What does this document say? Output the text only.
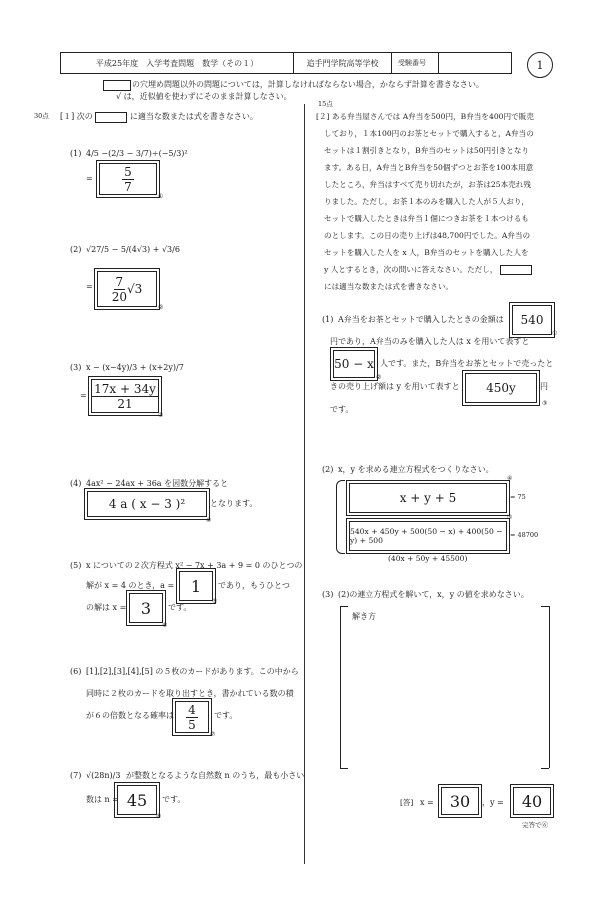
平成25年度　入学考査問題　数学（その１）	追手門学院高等学校	受験番号		1
の穴埋め問題以外の問題については，計算しなければならない場合，かならず計算を書きなさい。
√ は，近似値を使わずにそのまま計算しなさい。
30点 [１] 次の	に適当な数または式を書きなさい。
(1) 4/5 −(2/3 − 3/7)÷(−5/3)²
= $\frac{5}{7}$
①
(2) √27/5 − 5/(4√3) + √3/6
= $\frac{7}{20} √3$
②
(3) x − (x−4y)/3 + (x+2y)/7
= $\frac{17x + 34y}{21}$
③
(4) 4ax² − 24ax + 36a を因数分解すると
4 a ( x − 3 )²	となります。
④
(5) x についての２次方程式 x² − 7x + 3a + 9 = 0 のひとつの
解が x = 4 のとき，a =	1	であり，もうひとつ
⑤
の解は x = 3	です。
⑥
(6) [1],[2],[3],[4],[5] の５枚のカードがあります。この中から
同時に２枚のカードを取り出すとき，書かれている数の積
が６の倍数となる確率は $\frac{4}{5}$ です。
⑦
(7) √(28n)/3 が整数となるような自然数 n のうち，最も小さい
数は n = 45	です。
⑧
15点
[２] ある弁当屋さんでは A弁当を500円，B弁当を400円で販売
しており，１本100円のお茶とセットで購入すると，A弁当の
セットは１割引きとなり，B弁当のセットは50円引きとなり
ます。ある日，A弁当とB弁当を50個ずつとお茶を100本用意
したところ，弁当はすべて売り切れたが，お茶は25本売れ残
りました。ただし，お茶１本のみを購入した人が５人おり，
セットで購入したときは弁当１個につきお茶を１本つけるも
のとします。この日の売り上げは48,700円でした。A弁当の
セットを購入した人を x 人，B弁当のセットを購入した人を
y 人とするとき，次の問いに答えなさい。ただし，
には適当な数または式を書きなさい。
(1) A弁当をお茶とセットで購入したときの金額は	540
①
円であり，A弁当のみを購入した人は x を用いて表すと
50 − x
②
人です。また，B弁当をお茶とセットで売ったと
きの売り上げ額は y を用いて表すと	450y	円
③
です。
(2) x，y を求める連立方程式をつくりなさい。
x + y + 5	= 75
④
540x + 450y + 500(50 − x) + 400(50 − y) + 500
= 48700
⑤
(40x + 50y + 45500)
(3) (2)の連立方程式を解いて，x，y の値を求めなさい。
解き方
[答] x =	30	，y =	40
完答で⑥
